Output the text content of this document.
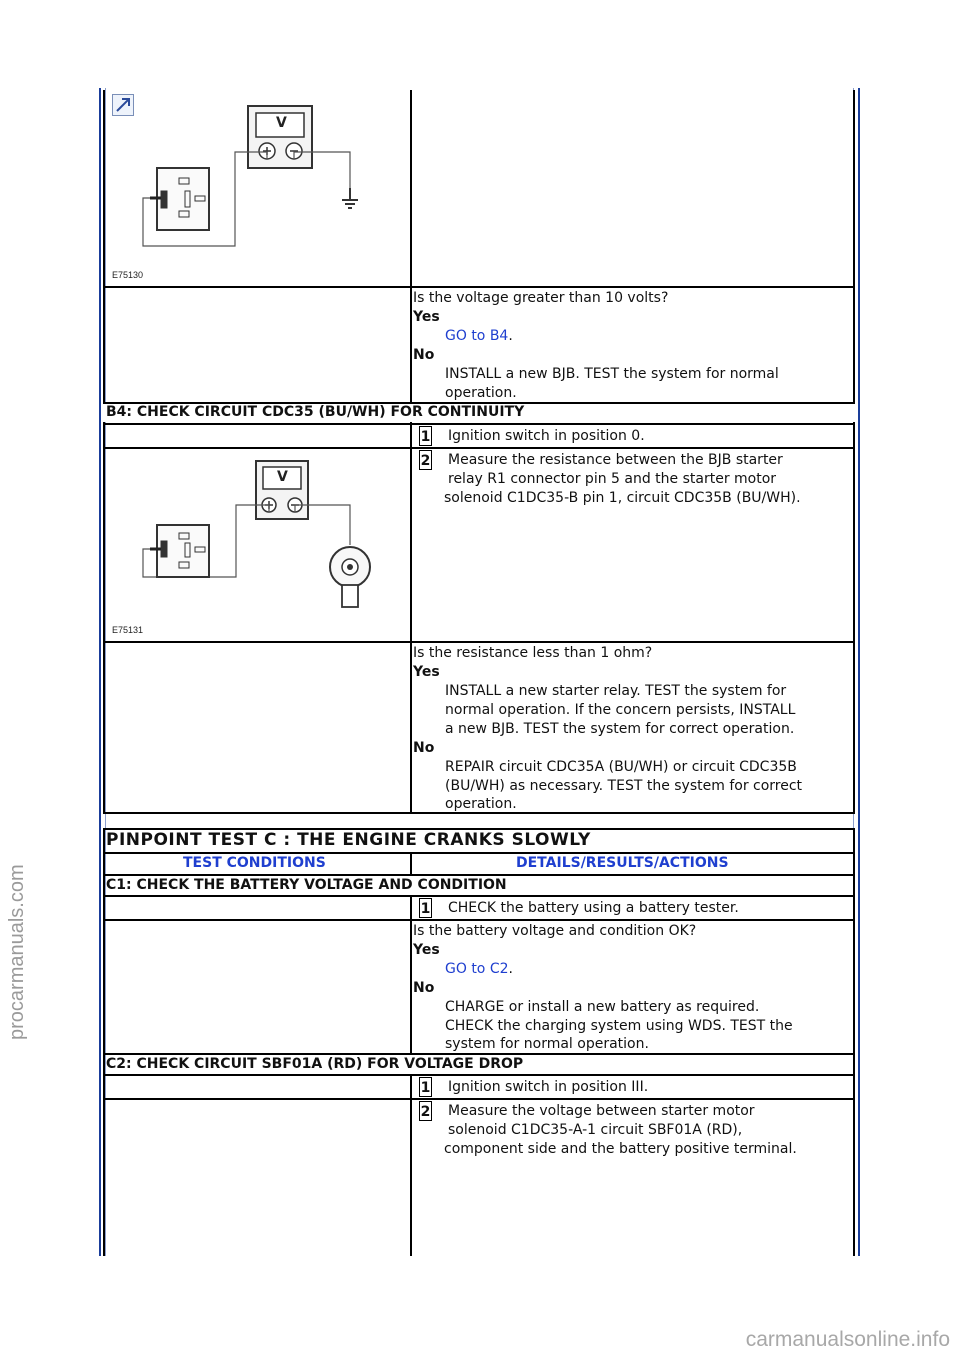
procarmanuals.com
carmanualsonline.info
E75130
V
Is the voltage greater than 10 volts?
Yes
GO to B4.
No
INSTALL a new BJB. TEST the system for normal
operation.
B4: CHECK CIRCUIT CDC35 (BU/WH) FOR CONTINUITY
1 Ignition switch in position 0.
E75131
V
2 Measure the resistance between the BJB starter
relay R1 connector pin 5 and the starter motor
solenoid C1DC35-B pin 1, circuit CDC35B (BU/WH).
Is the resistance less than 1 ohm?
Yes
INSTALL a new starter relay. TEST the system for
normal operation. If the concern persists, INSTALL
a new BJB. TEST the system for correct operation.
No
REPAIR circuit CDC35A (BU/WH) or circuit CDC35B
(BU/WH) as necessary. TEST the system for correct
operation.
PINPOINT TEST C : THE ENGINE CRANKS SLOWLY
TEST CONDITIONS	DETAILS/RESULTS/ACTIONS
C1: CHECK THE BATTERY VOLTAGE AND CONDITION
1 CHECK the battery using a battery tester.
Is the battery voltage and condition OK?
Yes
GO to C2.
No
CHARGE or install a new battery as required.
CHECK the charging system using WDS. TEST the
system for normal operation.
C2: CHECK CIRCUIT SBF01A (RD) FOR VOLTAGE DROP
1 Ignition switch in position III.
2 Measure the voltage between starter motor
solenoid C1DC35-A-1 circuit SBF01A (RD),
component side and the battery positive terminal.
